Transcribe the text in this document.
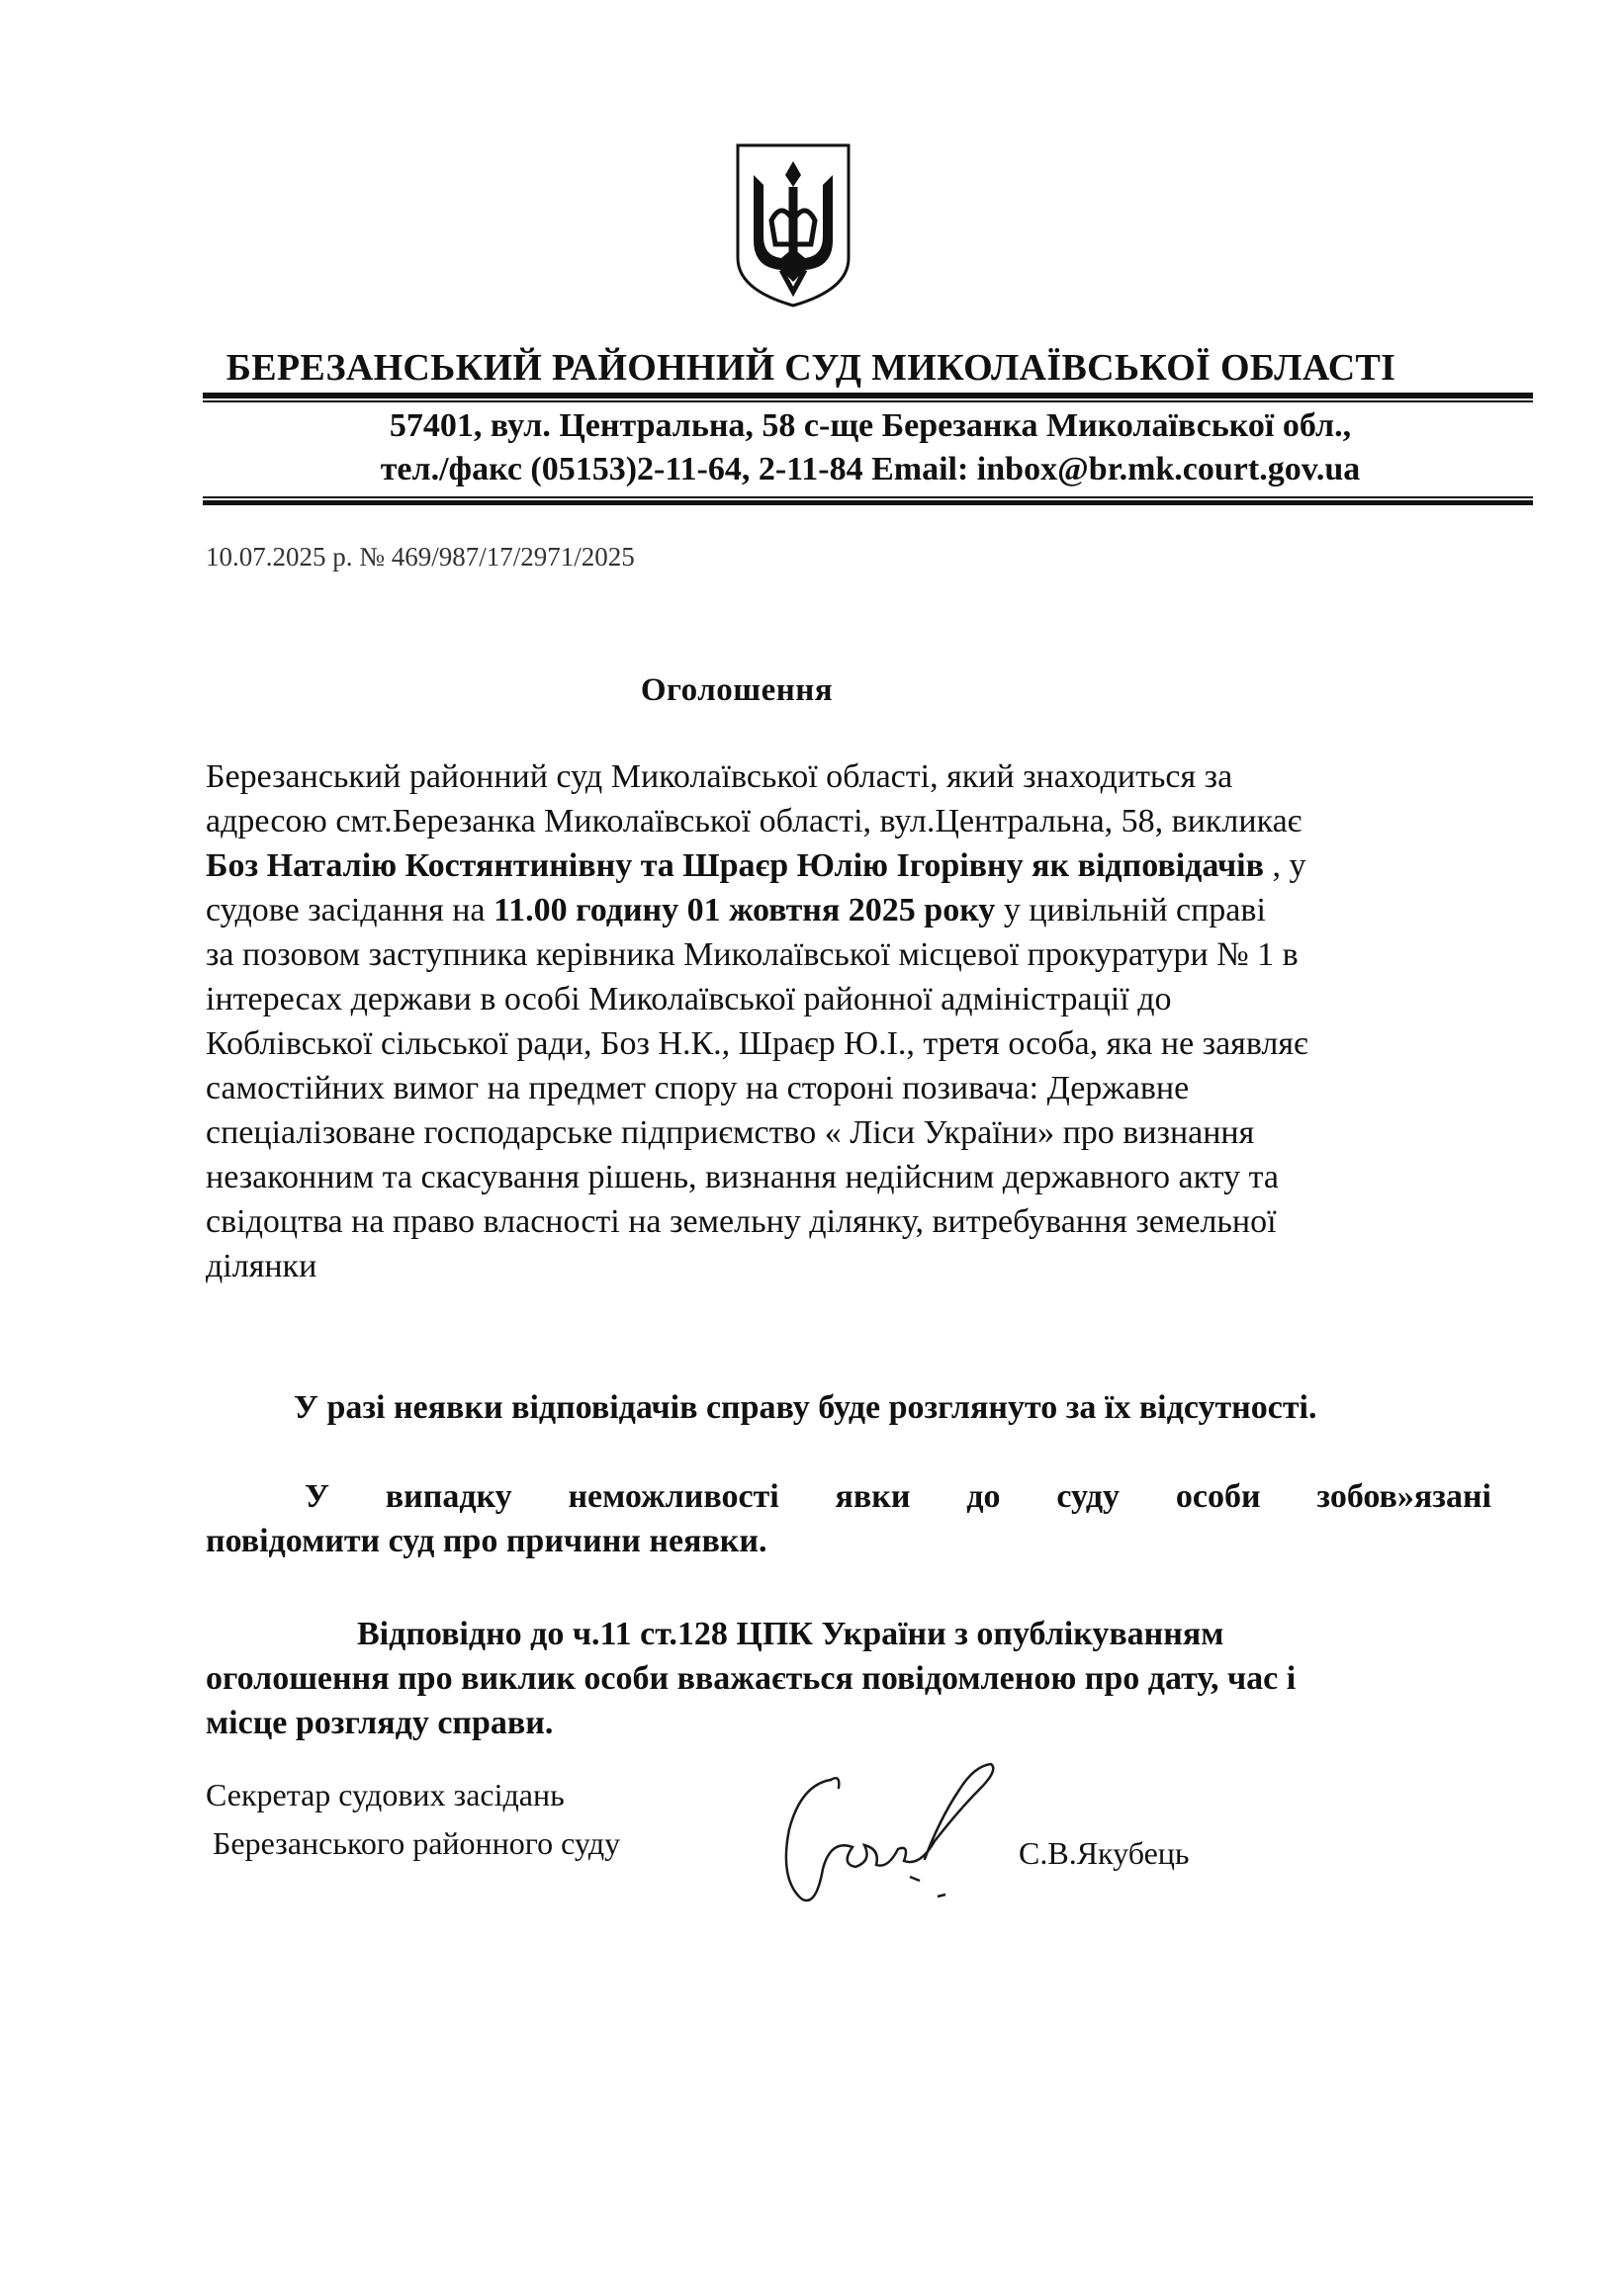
БЕРЕЗАНСЬКИЙ РАЙОННИЙ СУД МИКОЛАЇВСЬКОЇ ОБЛАСТІ
57401, вул. Центральна, 58 с-ще Березанка Миколаївської обл.,
тел./факс (05153)2-11-64, 2-11-84 Email: inbox@br.mk.court.gov.ua
10.07.2025 р. № 469/987/17/2971/2025
Оголошення
Березанський районний суд Миколаївської області, який знаходиться за
адресою смт.Березанка Миколаївської області, вул.Центральна, 58, викликає
Боз Наталію Костянтинівну та Шраєр Юлію Ігорівну як відповідачів , у
судове засідання на 11.00 годину 01 жовтня 2025 року у цивільній справі
за позовом заступника керівника Миколаївської місцевої прокуратури № 1 в
інтересах держави в особі Миколаївської районної адміністрації до
Коблівської сільської ради, Боз Н.К., Шраєр Ю.І., третя особа, яка не заявляє
самостійних вимог на предмет спору на стороні позивача: Державне
спеціалізоване господарське підприємство « Ліси України» про визнання
незаконним та скасування рішень, визнання недійсним державного акту та
свідоцтва на право власності на земельну ділянку, витребування земельної
ділянки
У разі неявки відповідачів справу буде розглянуто за їх відсутності.
У випадку неможливості явки до суду особи зобов»язані
повідомити суд про причини неявки.
Відповідно до ч.11 ст.128 ЦПК України з опублікуванням
оголошення про виклик особи вважається повідомленою про дату, час і
місце розгляду справи.
Секретар судових засідань
Березанського районного суду	С.В.Якубець
